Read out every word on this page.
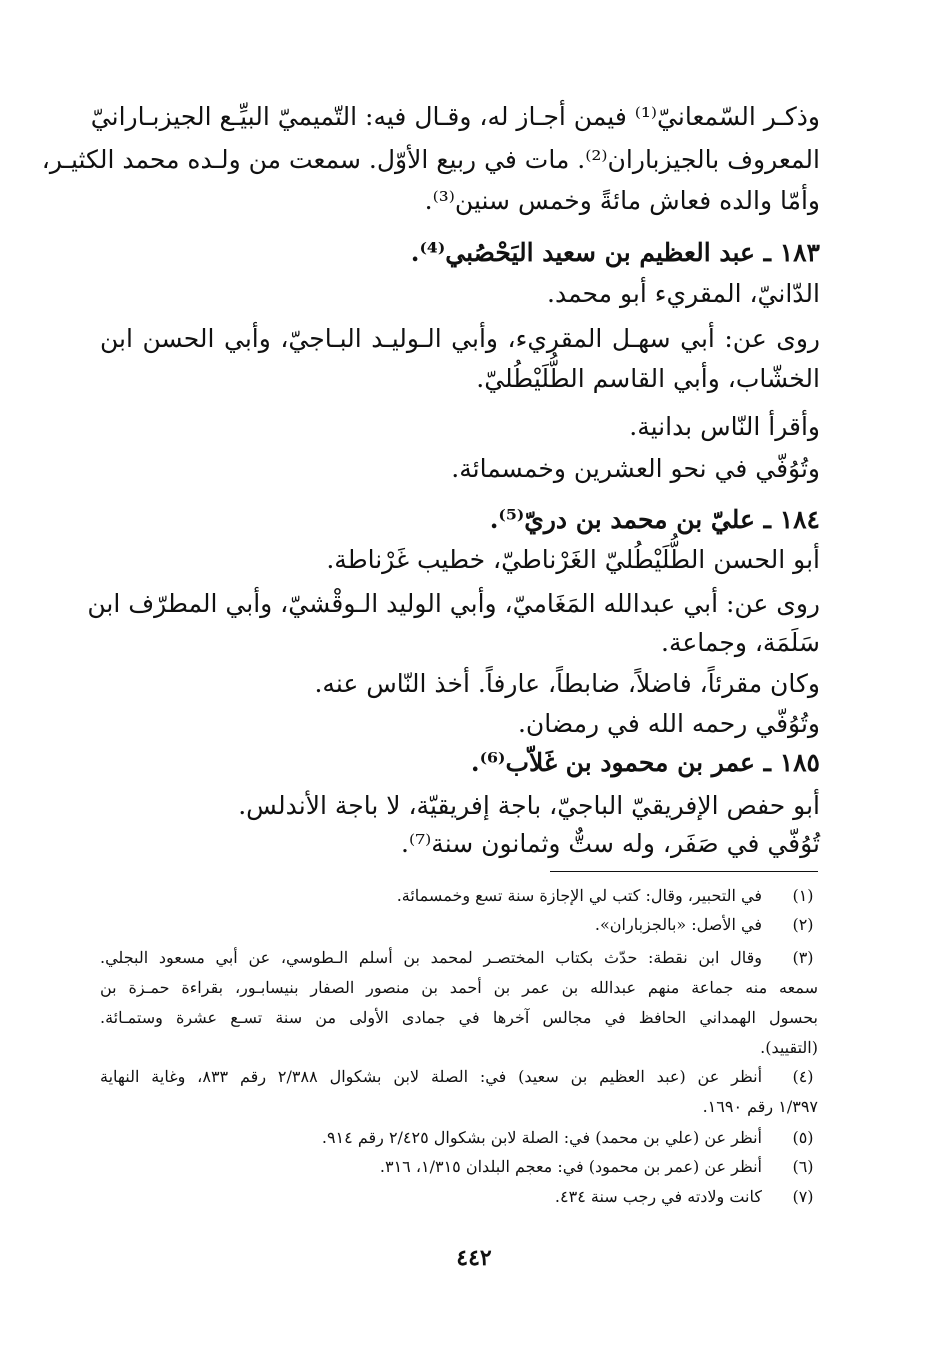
وذكـر السّمعانيّ⁽¹⁾ فيمن أجـاز له، وقـال فيه: التّميميّ البيِّـع الجيزبـارانيّ
المعروف بالجيزباران⁽²⁾. مات في ربيع الأوّل. سمعت من ولـده محمد الكثيـر،
وأمّا والده فعاش مائةً وخمس سنين⁽³⁾.
١٨٣ ـ عبد العظيم بن سعيد اليَحْصُبي⁽⁴⁾.
الدّانيّ، المقريء أبو محمد.
روى عن: أبي سهـل المقريء، وأبي الـوليـد البـاجيّ، وأبي الحسن ابن
الخشّاب، وأبي القاسم الطُّلَيْطُليّ.
وأقرأ النّاس بدانية.
وتُوُفّي في نحو العشرين وخمسمائة.
١٨٤ ـ عليّ بن محمد بن دريّ⁽⁵⁾.
أبو الحسن الطُّلَيْطُليّ الغَرْناطيّ، خطيب غَرْناطة.
روى عن: أبي عبدالله المَغَاميّ، وأبي الوليد الـوقْشيّ، وأبي المطرّف ابن
سَلَمَة، وجماعة.
وكان مقرئاً، فاضلاً، ضابطاً، عارفاً. أخذ النّاس عنه.
وتُوُفّي رحمه الله في رمضان.
١٨٥ ـ عمر بن محمود بن غَلاّب⁽⁶⁾.
أبو حفص الإفريقيّ الباجيّ، باجة إفريقيّة، لا باجة الأندلس.
تُوُفّي في صَفَر، وله ستٌّ وثمانون سنة⁽⁷⁾.
(١)
في التحبير، وقال: كتب لي الإجازة سنة تسع وخمسمائة.
(٢)
في الأصل: «بالجزباران».
(٣)
وقال ابن نقطة: حدّث بكتاب المختصـر لمحمد بن أسلم الـطوسي، عن أبي مسعود البجلي.
سمعه منه جماعة منهم عبدالله بن عمر بن أحمد بن منصور الصفار بنيسابـور، بقراءة حمـزة بن
بحسول الهمداني الحافظ في مجالس آخرها في جمادى الأولى من سنة تسـع عشرة وستمـائة.
(التقييد).
(٤)
أنظر عن (عبد العظيم بن سعيد) في: الصلة لابن بشكوال ٢/٣٨٨ رقم ٨٣٣، وغاية النهاية
١/٣٩٧ رقم ١٦٩٠.
(٥)
أنظر عن (علي بن محمد) في: الصلة لابن بشكوال ٢/٤٢٥ رقم ٩١٤.
(٦)
أنظر عن (عمر بن محمود) في: معجم البلدان ١/٣١٥، ٣١٦.
(٧)
كانت ولادته في رجب سنة ٤٣٤.
٤٤٢
